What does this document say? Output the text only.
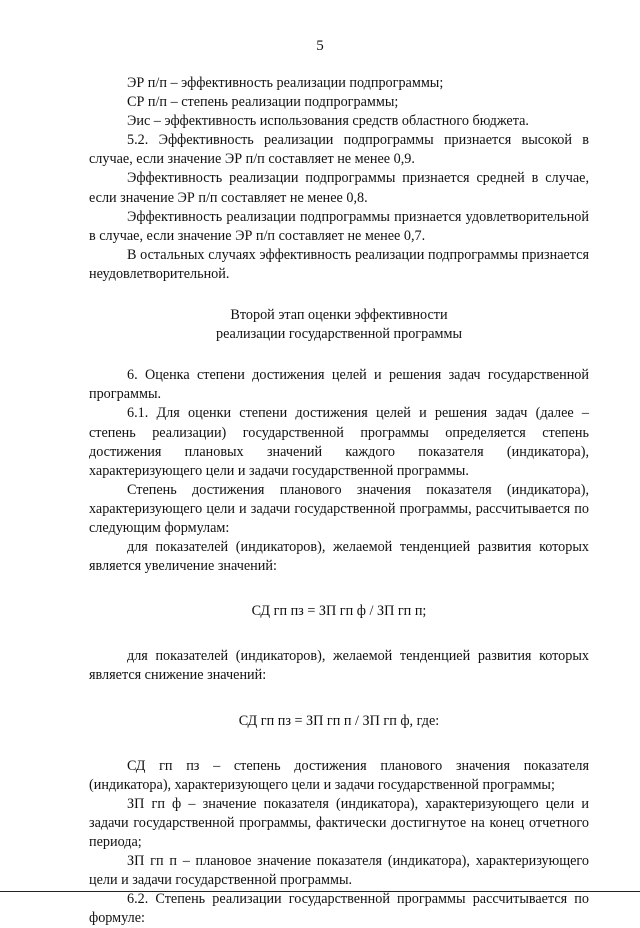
5

ЭР п/п – эффективность реализации подпрограммы;

СР п/п – степень реализации подпрограммы;

Эис – эффективность использования средств областного бюджета.

5.2. Эффективность реализации подпрограммы признается высокой в случае, если значение ЭР п/п составляет не менее 0,9.

Эффективность реализации подпрограммы признается средней в случае, если значение ЭР п/п составляет не менее 0,8.

Эффективность реализации подпрограммы признается удовлетворительной в случае, если значение ЭР п/п составляет не менее 0,7.

В остальных случаях эффективность реализации подпрограммы признается неудовлетворительной.

Второй этап оценки эффективности

реализации государственной программы

6. Оценка степени достижения целей и решения задач государственной программы.

6.1. Для оценки степени достижения целей и решения задач (далее – степень реализации) государственной программы определяется степень достижения плановых значений каждого показателя (индикатора), характеризующего цели и задачи государственной программы.

Степень достижения планового значения показателя (индикатора), характеризующего цели и задачи государственной программы, рассчитывается по следующим формулам:

для показателей (индикаторов), желаемой тенденцией развития которых является увеличение значений:

СД гп пз = ЗП гп ф / ЗП гп п;

для показателей (индикаторов), желаемой тенденцией развития которых является снижение значений:

СД гп пз = ЗП гп п / ЗП гп ф, где:

СД гп пз – степень достижения планового значения показателя (индикатора), характеризующего цели и задачи государственной программы;

ЗП гп ф – значение показателя (индикатора), характеризующего цели и задачи государственной программы, фактически достигнутое на конец отчетного периода;

ЗП гп п – плановое значение показателя (индикатора), характеризующего цели и задачи государственной программы.

6.2. Степень реализации государственной программы рассчитывается по формуле:
